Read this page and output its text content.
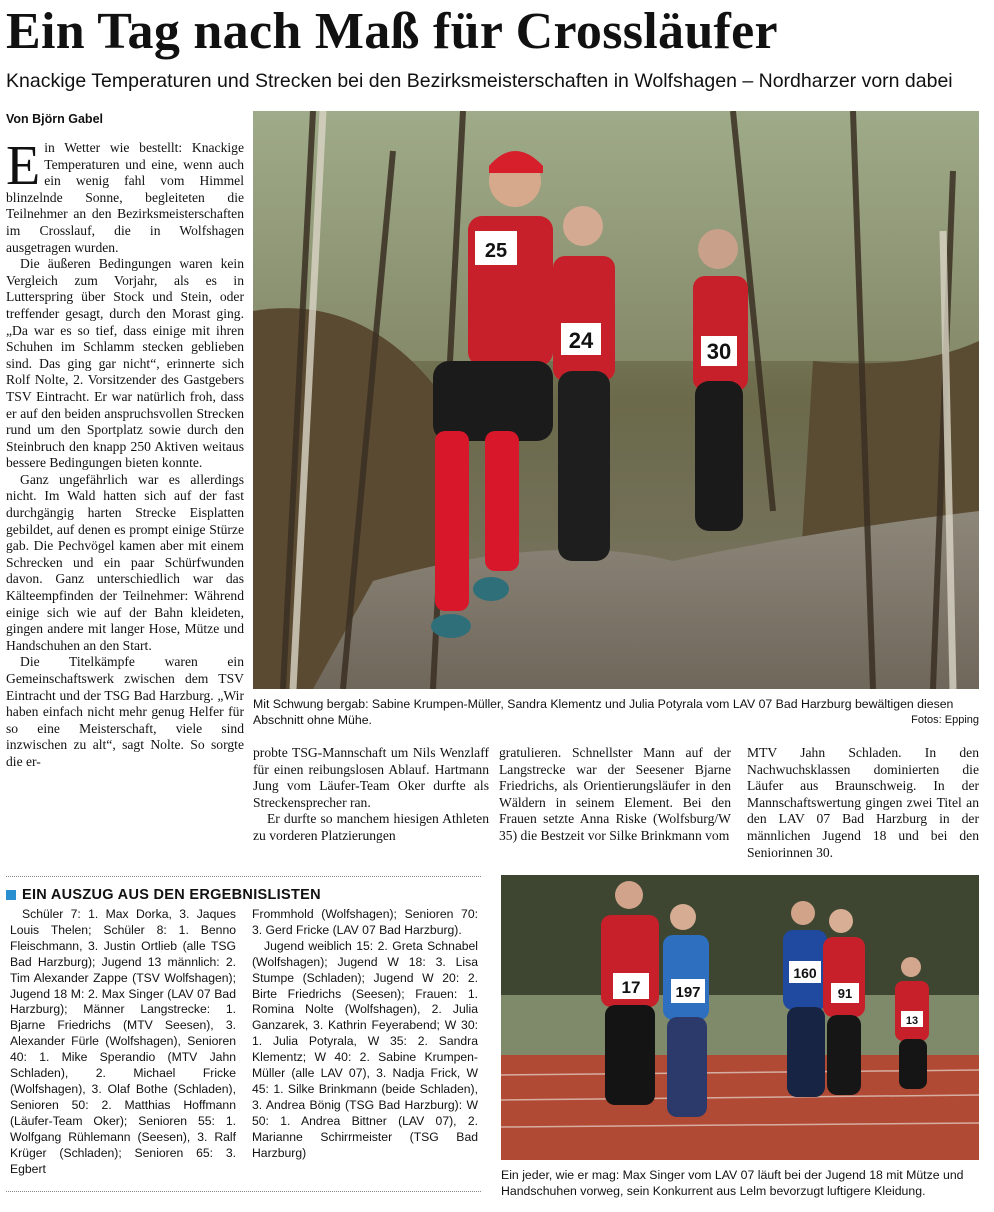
Ein Tag nach Maß für Crossläufer
Knackige Temperaturen und Strecken bei den Bezirksmeisterschaften in Wolfshagen – Nordharzer vorn dabei
Von Björn Gabel

Ein Wetter wie bestellt: Knackige Temperaturen und eine, wenn auch ein wenig fahl vom Himmel blinzelnde Sonne, begleiteten die Teilnehmer an den Bezirksmeisterschaften im Crosslauf, die in Wolfshagen ausgetragen wurden.

Die äußeren Bedingungen waren kein Vergleich zum Vorjahr, als es in Lutterspring über Stock und Stein, oder treffender gesagt, durch den Morast ging. „Da war es so tief, dass einige mit ihren Schuhen im Schlamm stecken geblieben sind. Das ging gar nicht“, erinnerte sich Rolf Nolte, 2. Vorsitzender des Gastgebers TSV Eintracht. Er war natürlich froh, dass er auf den beiden anspruchsvollen Strecken rund um den Sportplatz sowie durch den Steinbruch den knapp 250 Aktiven weitaus bessere Bedingungen bieten konnte.

Ganz ungefährlich war es allerdings nicht. Im Wald hatten sich auf der fast durchgängig harten Strecke Eisplatten gebildet, auf denen es prompt einige Stürze gab. Die Pechvögel kamen aber mit einem Schrecken und ein paar Schürfwunden davon. Ganz unterschiedlich war das Kälteempfinden der Teilnehmer: Während einige sich wie auf der Bahn kleideten, gingen andere mit langer Hose, Mütze und Handschuhen an den Start.

Die Titelkämpfe waren ein Gemeinschaftswerk zwischen dem TSV Eintracht und der TSG Bad Harzburg. „Wir haben einfach nicht mehr genug Helfer für so eine Meisterschaft, viele sind inzwischen zu alt“, sagt Nolte. So sorgte die er-

30
24
25
Mit Schwung bergab: Sabine Krumpen-Müller, Sandra Klementz und Julia Potyrala vom LAV 07 Bad Harzburg bewältigen diesen Abschnitt ohne Mühe.	Fotos: Epping

probte TSG-Mannschaft um Nils Wenzlaff für einen reibungslosen Ablauf. Hartmann Jung vom Läufer-Team Oker durfte als Streckensprecher ran.

Er durfte so manchem hiesigen Athleten zu vorderen Platzierungen

gratulieren. Schnellster Mann auf der Langstrecke war der Seesener Bjarne Friedrichs, als Orientierungsläufer in den Wäldern in seinem Element. Bei den Frauen setzte Anna Riske (Wolfsburg/W 35) die Bestzeit vor Silke Brinkmann vom

MTV Jahn Schladen. In den Nachwuchsklassen dominierten die Läufer aus Braunschweig. In der Mannschaftswertung gingen zwei Titel an den LAV 07 Bad Harzburg in der männlichen Jugend 18 und bei den Seniorinnen 30.

EIN AUSZUG AUS DEN ERGEBNISLISTEN

Schüler 7: 1. Max Dorka, 3. Jaques Louis Thelen; Schüler 8: 1. Benno Fleischmann, 3. Justin Ortlieb (alle TSG Bad Harzburg); Jugend 13 männlich: 2. Tim Alexander Zappe (TSV Wolfshagen); Jugend 18 M: 2. Max Singer (LAV 07 Bad Harzburg); Männer Langstrecke: 1. Bjarne Friedrichs (MTV Seesen), 3. Alexander Fürle (Wolfshagen), Senioren 40: 1. Mike Sperandio (MTV Jahn Schladen), 2. Michael Fricke (Wolfshagen), 3. Olaf Bothe (Schladen), Senioren 50: 2. Matthias Hoffmann (Läufer-Team Oker); Senioren 55: 1. Wolfgang Rühlemann (Seesen), 3. Ralf Krüger (Schladen); Senioren 65: 3. Egbert

Frommhold (Wolfshagen); Senioren 70: 3. Gerd Fricke (LAV 07 Bad Harzburg).

Jugend weiblich 15: 2. Greta Schnabel (Wolfshagen); Jugend W 18: 3. Lisa Stumpe (Schladen); Jugend W 20: 2. Birte Friedrichs (Seesen); Frauen: 1. Romina Nolte (Wolfshagen), 2. Julia Ganzarek, 3. Kathrin Feyerabend; W 30: 1. Julia Potyrala, W 35: 2. Sandra Klementz; W 40: 2. Sabine Krumpen-Müller (alle LAV 07), 3. Nadja Frick, W 45: 1. Silke Brinkmann (beide Schladen), 3. Andrea Bönig (TSG Bad Harzburg): W 50: 1. Andrea Bittner (LAV 07), 2. Marianne Schirrmeister (TSG Bad Harzburg)

17 197
160
91
13
Ein jeder, wie er mag: Max Singer vom LAV 07 läuft bei der Jugend 18 mit Mütze und Handschuhen vorweg, sein Konkurrent aus Lelm bevorzugt luftigere Kleidung.
